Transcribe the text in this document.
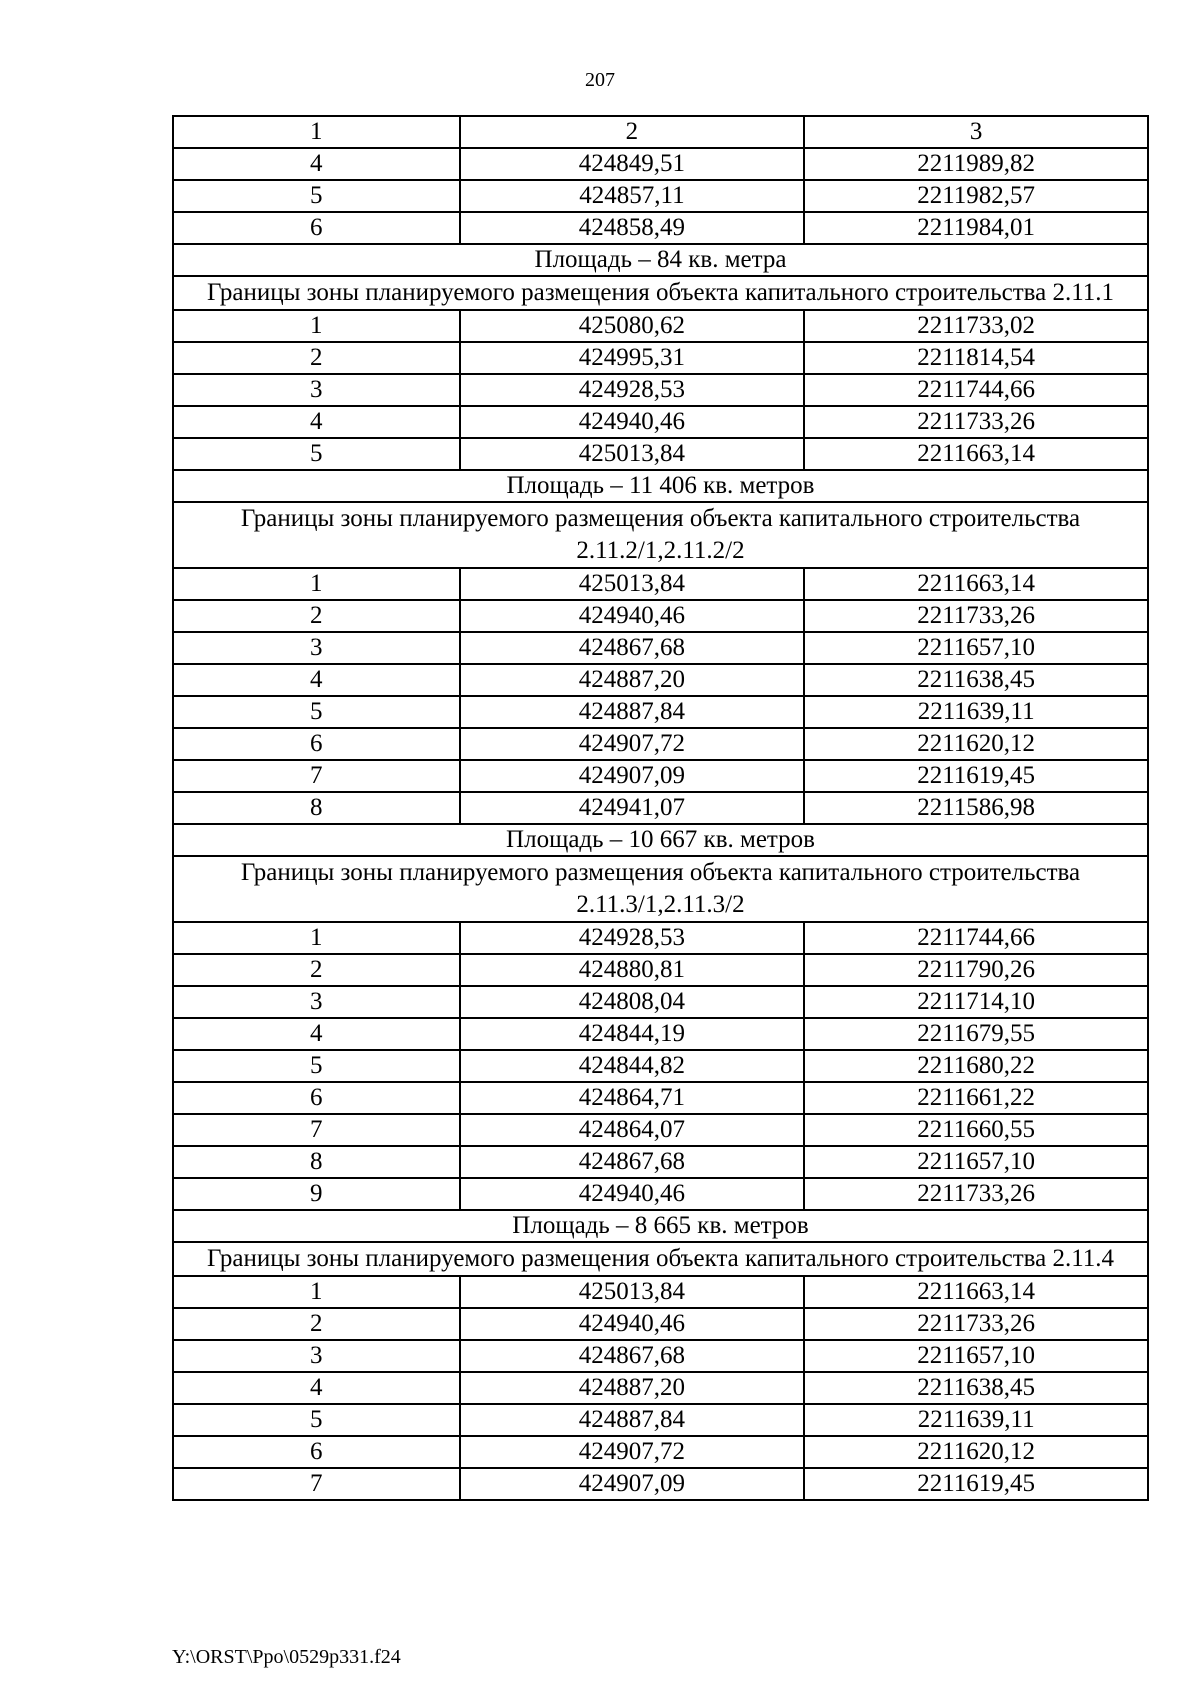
207
1	2	3
4	424849,51	2211989,82
5	424857,11	2211982,57
6	424858,49	2211984,01
Площадь – 84 кв. метра		
Границы зоны планируемого размещения объекта капитального строительства 2.11.1		
1	425080,62	2211733,02
2	424995,31	2211814,54
3	424928,53	2211744,66
4	424940,46	2211733,26
5	425013,84	2211663,14
Площадь – 11 406 кв. метров		
Границы зоны планируемого размещения объекта капитального строительства 2.11.2/1,2.11.2/2		
1	425013,84	2211663,14
2	424940,46	2211733,26
3	424867,68	2211657,10
4	424887,20	2211638,45
5	424887,84	2211639,11
6	424907,72	2211620,12
7	424907,09	2211619,45
8	424941,07	2211586,98
Площадь – 10 667 кв. метров		
Границы зоны планируемого размещения объекта капитального строительства 2.11.3/1,2.11.3/2		
1	424928,53	2211744,66
2	424880,81	2211790,26
3	424808,04	2211714,10
4	424844,19	2211679,55
5	424844,82	2211680,22
6	424864,71	2211661,22
7	424864,07	2211660,55
8	424867,68	2211657,10
9	424940,46	2211733,26
Площадь – 8 665 кв. метров		
Границы зоны планируемого размещения объекта капитального строительства 2.11.4		
1	425013,84	2211663,14
2	424940,46	2211733,26
3	424867,68	2211657,10
4	424887,20	2211638,45
5	424887,84	2211639,11
6	424907,72	2211620,12
7	424907,09	2211619,45
Y:\ORST\Ppo\0529p331.f24
